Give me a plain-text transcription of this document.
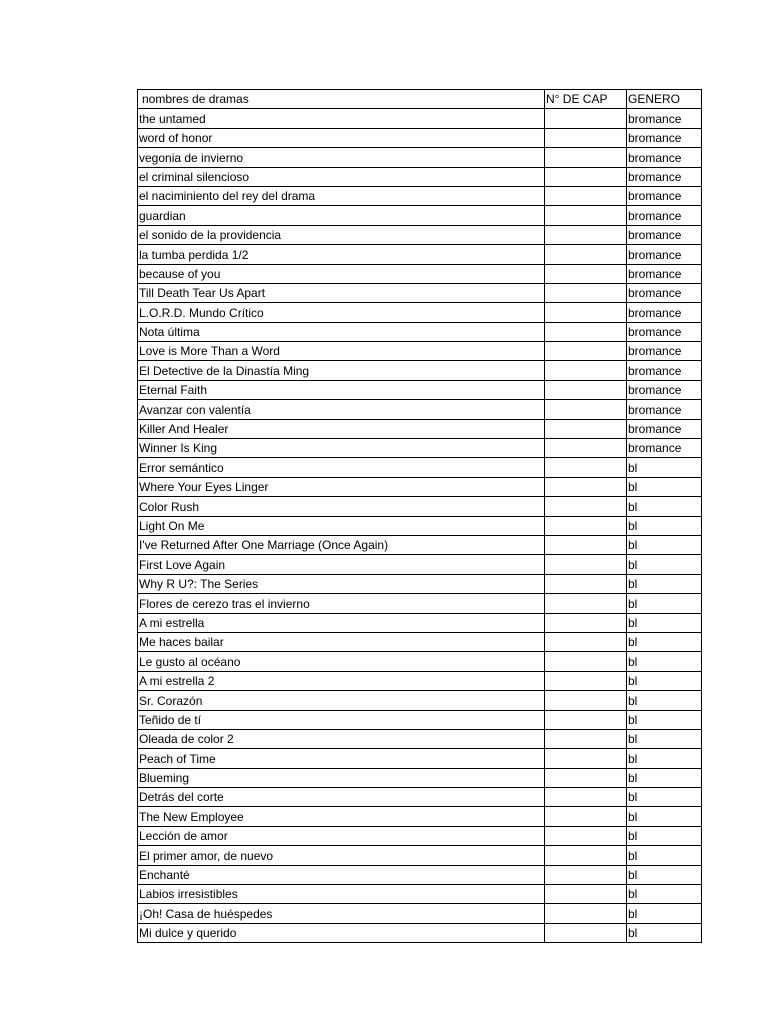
nombres de dramas	N° DE CAP	GENERO
the untamed		bromance
word of honor		bromance
vegonia de invierno		bromance
el criminal silencioso		bromance
el naciminiento del rey del drama		bromance
guardian		bromance
el sonido de la providencia		bromance
la tumba perdida 1/2		bromance
because of you		bromance
Till Death Tear Us Apart		bromance
L.O.R.D. Mundo Crítico		bromance
Nota última		bromance
Love is More Than a Word		bromance
El Detective de la Dinastía Ming		bromance
Eternal Faith		bromance
Avanzar con valentía		bromance
Killer And Healer		bromance
Winner Is King		bromance
Error semántico		bl
Where Your Eyes Linger		bl
Color Rush		bl
Light On Me		bl
I've Returned After One Marriage (Once Again)		bl
First Love Again		bl
Why R U?: The Series		bl
Flores de cerezo tras el invierno		bl
A mi estrella		bl
Me haces bailar		bl
Le gusto al océano		bl
A mi estrella 2		bl
Sr. Corazón		bl
Teñido de tí		bl
Oleada de color 2		bl
Peach of Time		bl
Blueming		bl
Detrás del corte		bl
The New Employee		bl
Lección de amor		bl
El primer amor, de nuevo		bl
Enchanté		bl
Labios irresistibles		bl
¡Oh! Casa de huéspedes		bl
Mi dulce y querido		bl
